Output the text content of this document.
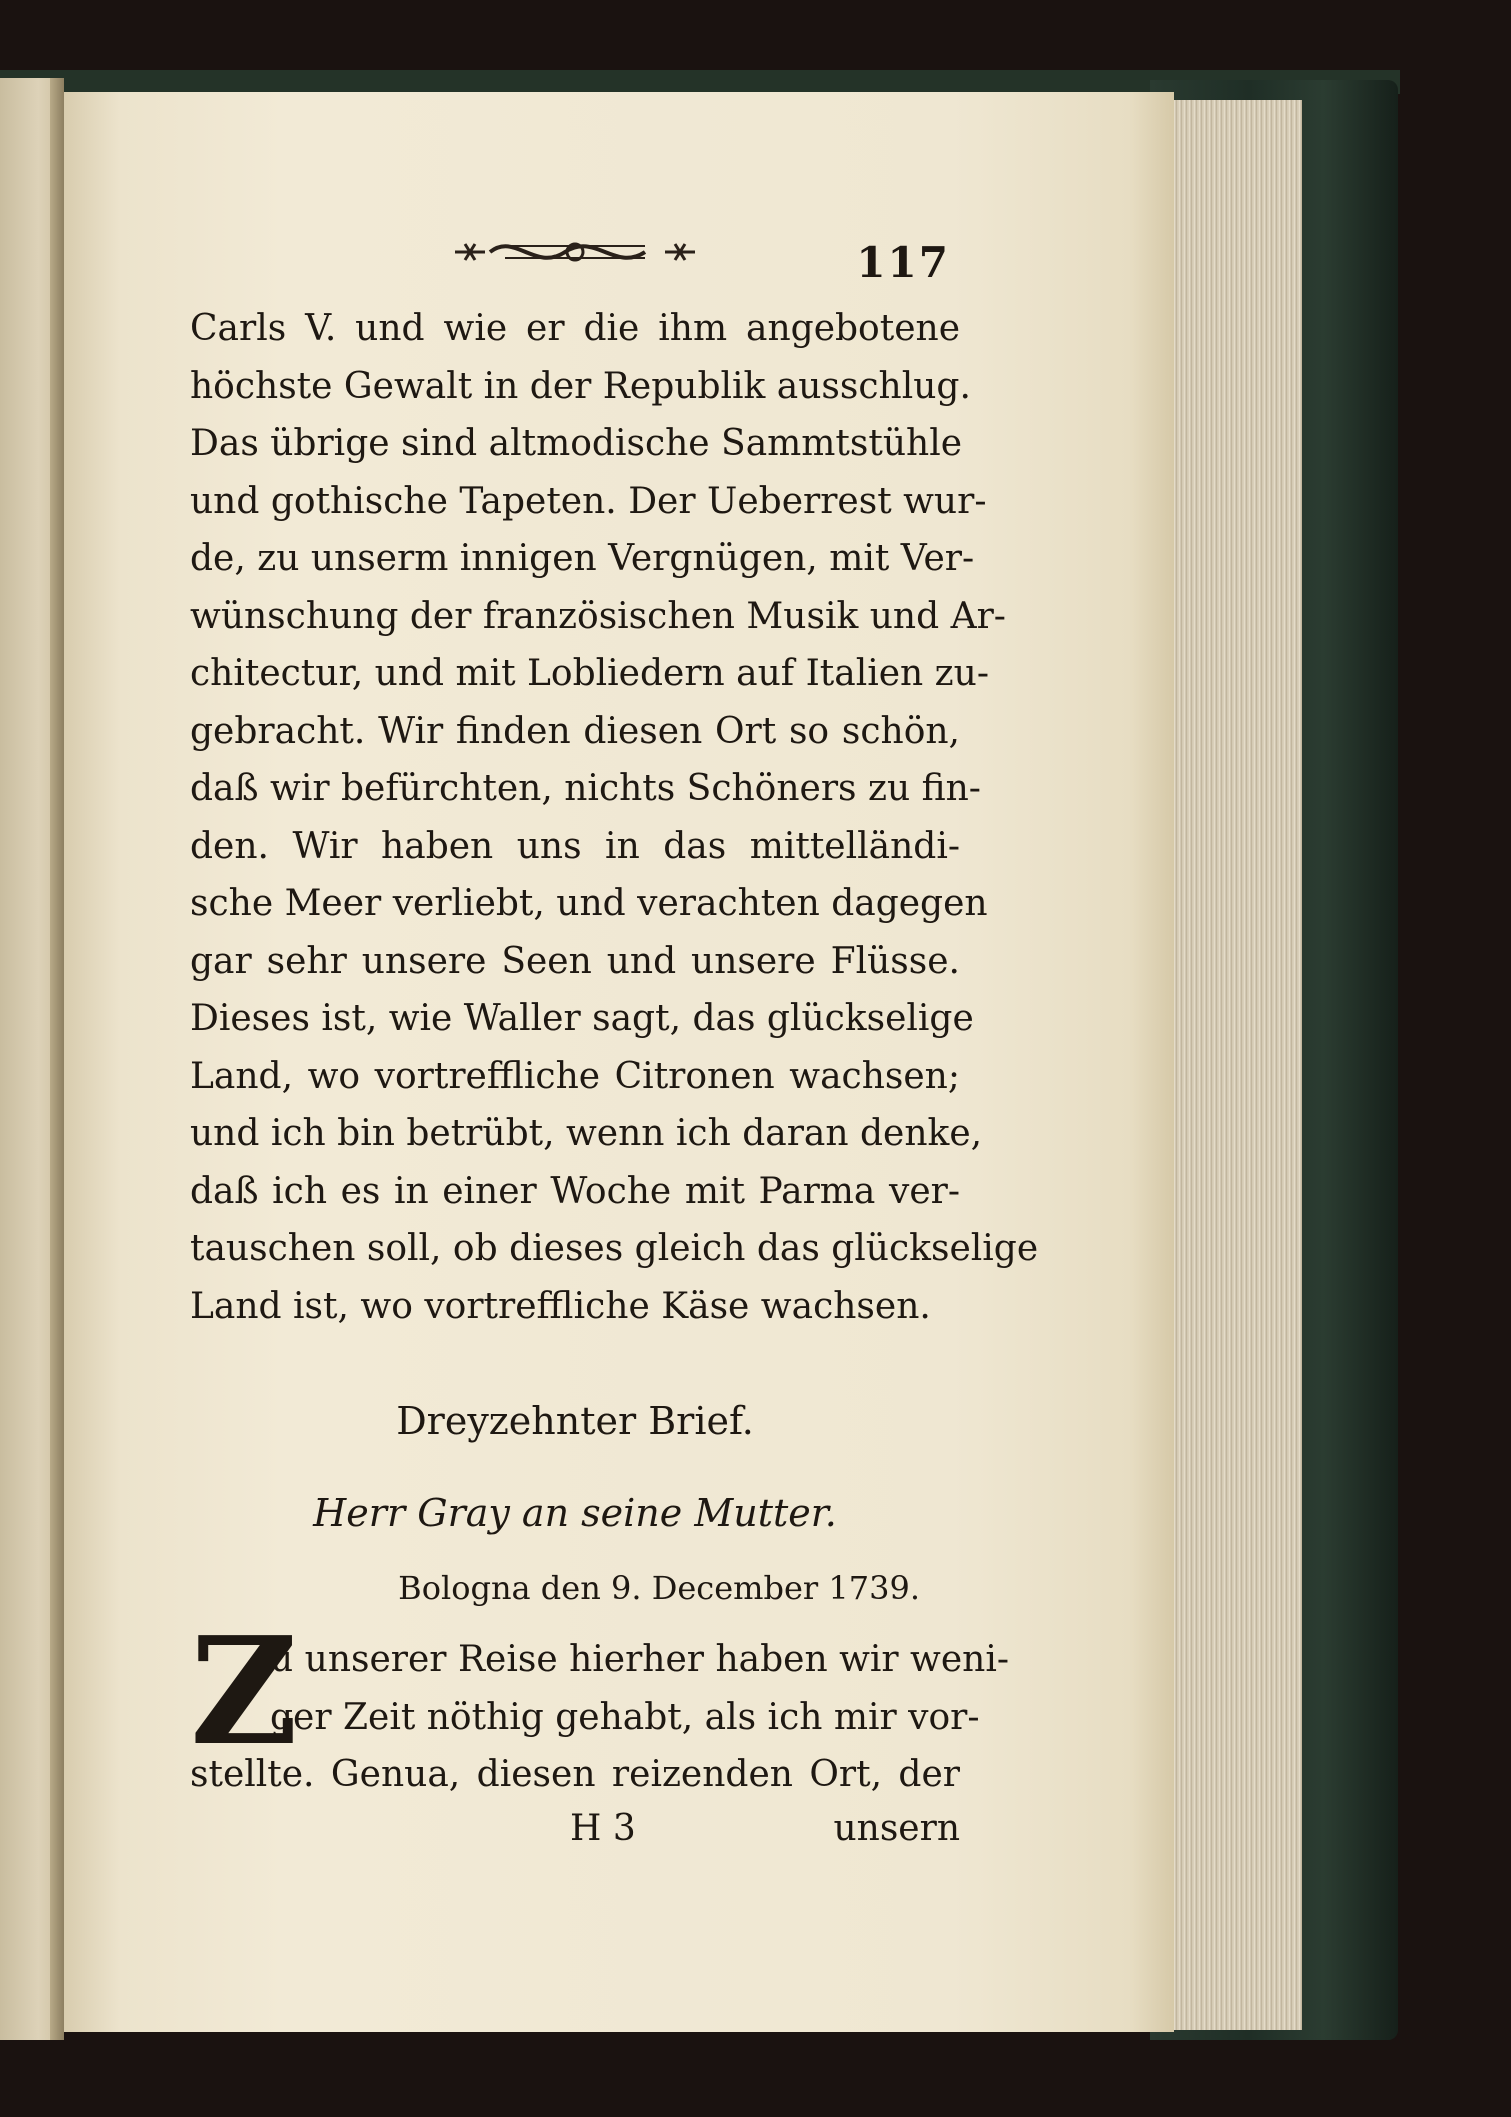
117
Carls V. und wie er die ihm angebotene
höchste Gewalt in der Republik ausschlug.
Das übrige sind altmodische Sammtstühle
und gothische Tapeten. Der Ueberrest wur-
de, zu unserm innigen Vergnügen, mit Ver-
wünschung der französischen Musik und Ar-
chitectur, und mit Lobliedern auf Italien zu-
gebracht. Wir finden diesen Ort so schön,
daß wir befürchten, nichts Schöners zu fin-
den. Wir haben uns in das mittelländi-
sche Meer verliebt, und verachten dagegen
gar sehr unsere Seen und unsere Flüsse.
Dieses ist, wie Waller sagt, das glückselige
Land, wo vortreffliche Citronen wachsen;
und ich bin betrübt, wenn ich daran denke,
daß ich es in einer Woche mit Parma ver-
tauschen soll, ob dieses gleich das glückselige
Land ist, wo vortreffliche Käse wachsen.
Dreyzehnter Brief.
Herr Gray an seine Mutter.
Bologna den 9. December 1739.
Z
u unserer Reise hierher haben wir weni-
ger Zeit nöthig gehabt, als ich mir vor-
stellte. Genua, diesen reizenden Ort, der
H 3	unsern
